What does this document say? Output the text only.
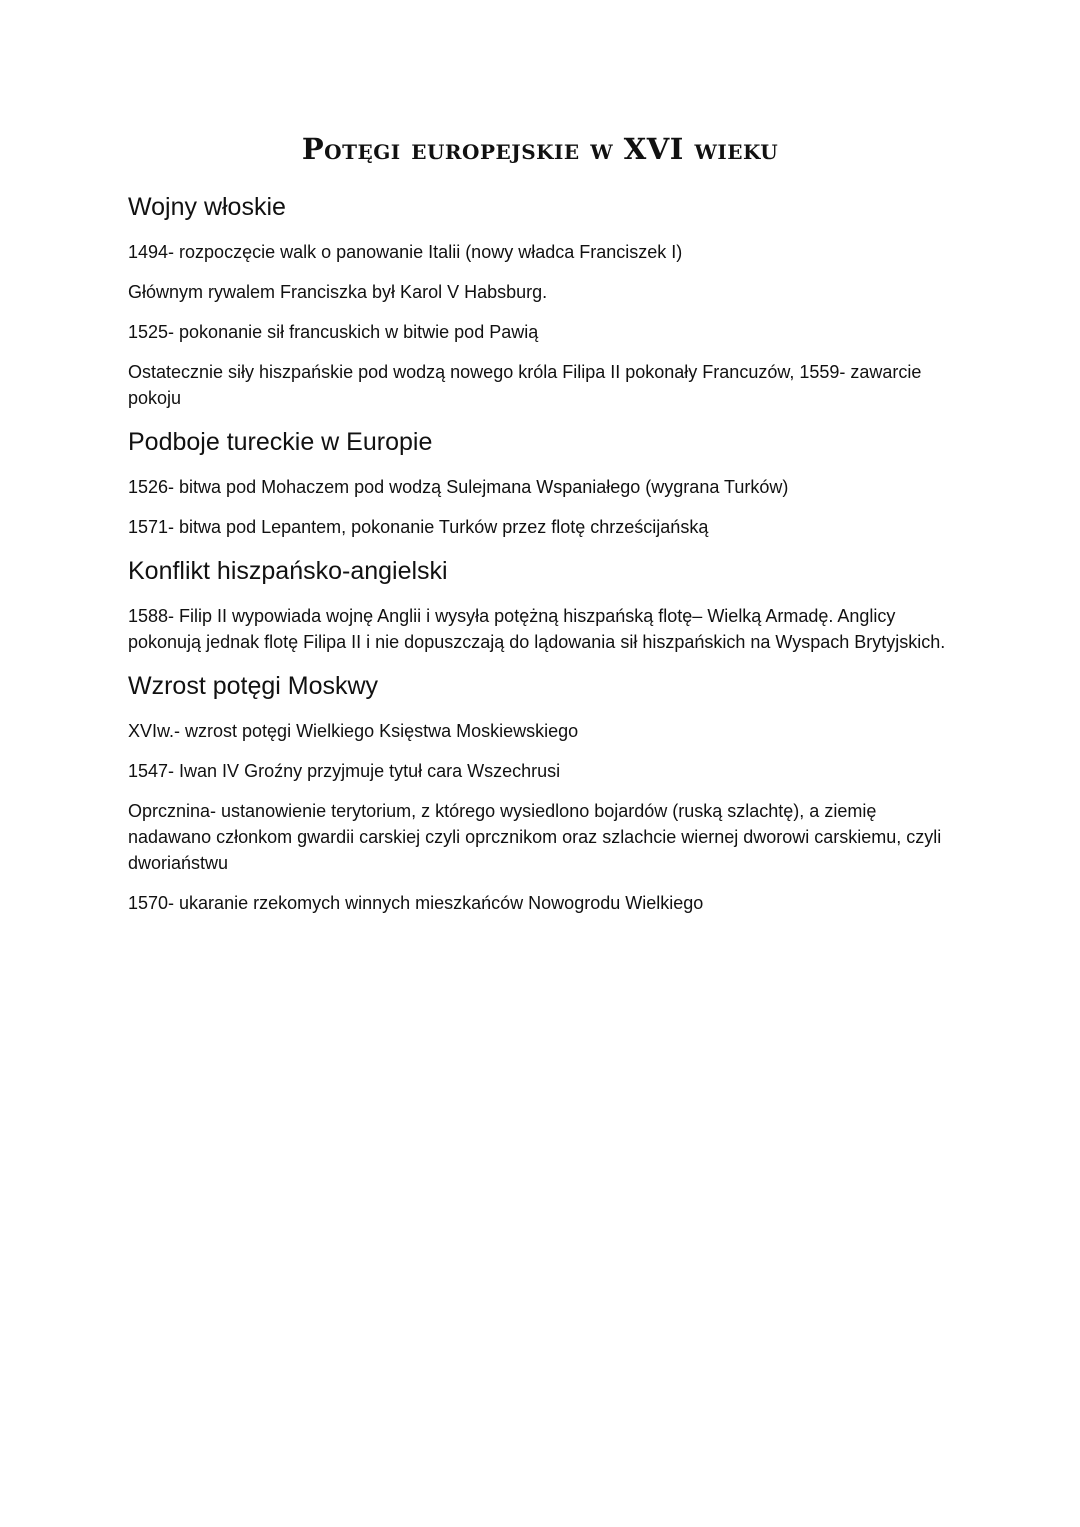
Potęgi europejskie w XVI wieku
Wojny włoskie

1494- rozpoczęcie walk o panowanie Italii (nowy władca Franciszek I)

Głównym rywalem Franciszka był Karol V Habsburg.

1525- pokonanie sił francuskich w bitwie pod Pawią

Ostatecznie siły hiszpańskie pod wodzą nowego króla Filipa II pokonały Francuzów, 1559- zawarcie pokoju

Podboje tureckie w Europie

1526- bitwa pod Mohaczem pod wodzą Sulejmana Wspaniałego (wygrana Turków)

1571- bitwa pod Lepantem, pokonanie Turków przez flotę chrześcijańską

Konflikt hiszpańsko-angielski

1588- Filip II wypowiada wojnę Anglii i wysyła potężną hiszpańską flotę– Wielką Armadę. Anglicy pokonują jednak flotę Filipa II i nie dopuszczają do lądowania sił hiszpańskich na Wyspach Brytyjskich.

Wzrost potęgi Moskwy

XVIw.- wzrost potęgi Wielkiego Księstwa Moskiewskiego

1547- Iwan IV Groźny przyjmuje tytuł cara Wszechrusi

Oprcznina- ustanowienie terytorium, z którego wysiedlono bojardów (ruską szlachtę), a ziemię nadawano członkom gwardii carskiej czyli oprcznikom oraz szlachcie wiernej dworowi carskiemu, czyli dworiaństwu

1570- ukaranie rzekomych winnych mieszkańców Nowogrodu Wielkiego
